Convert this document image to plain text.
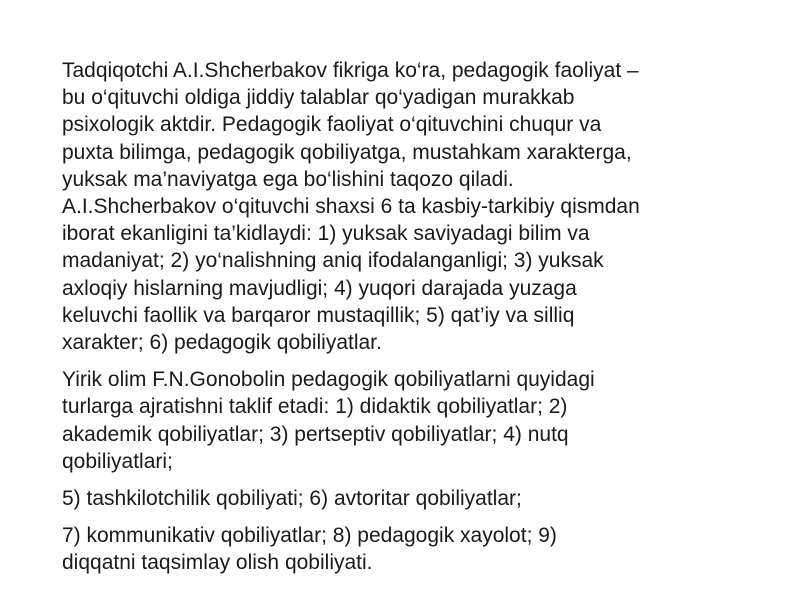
Tadqiqotchi A.I.Shcherbakov fikriga ko‘ra, pedagogik faoliyat –
bu o‘qituvchi oldiga jiddiy talablar qo‘yadigan murakkab
psixologik aktdir. Pedagogik faoliyat o‘qituvchini chuqur va
puxta bilimga, pedagogik qobiliyatga, mustahkam xarakterga,
yuksak ma’naviyatga ega bo‘lishini taqozo qiladi.
A.I.Shcherbakov o‘qituvchi shaxsi 6 ta kasbiy-tarkibiy qismdan
iborat ekanligini ta’kidlaydi: 1) yuksak saviyadagi bilim va
madaniyat; 2) yo‘nalishning aniq ifodalanganligi; 3) yuksak
axloqiy hislarning mavjudligi; 4) yuqori darajada yuzaga
keluvchi faollik va barqaror mustaqillik; 5) qat’iy va silliq
xarakter; 6) pedagogik qobiliyatlar.

Yirik olim F.N.Gonobolin pedagogik qobiliyatlarni quyidagi
turlarga ajratishni taklif etadi: 1) didaktik qobiliyatlar; 2)
akademik qobiliyatlar; 3) pertseptiv qobiliyatlar; 4) nutq
qobiliyatlari;

5) tashkilotchilik qobiliyati; 6) avtoritar qobiliyatlar;

7) kommunikativ qobiliyatlar; 8) pedagogik xayolot; 9)
diqqatni taqsimlay olish qobiliyati.
